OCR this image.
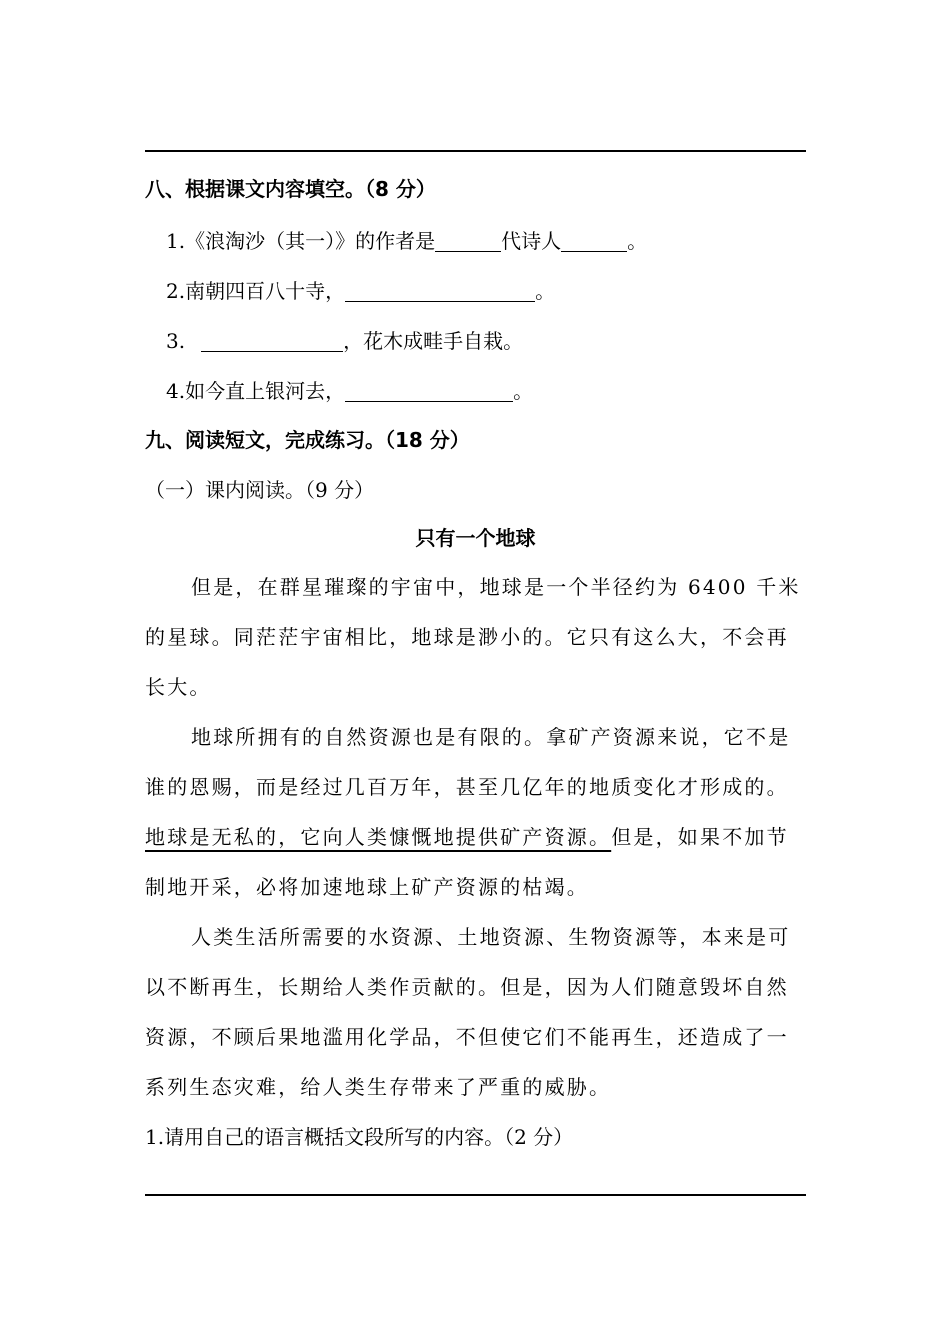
八、根据课文内容填空。（8 分）
1.《浪淘沙（其一）》的作者是	代诗人	。
2.南朝四百八十寺，	。
3.	，花木成畦手自栽。
4.如今直上银河去，	。
九、阅读短文，完成练习。（18 分）
（一）课内阅读。（9 分）
只有一个地球

但是，在群星璀璨的宇宙中，地球是一个半径约为 6400 千米的星球。同茫茫宇宙相比，地球是渺小的。它只有这么大，不会再长大。

地球所拥有的自然资源也是有限的。拿矿产资源来说，它不是谁的恩赐，而是经过几百万年，甚至几亿年的地质变化才形成的。地球是无私的，它向人类慷慨地提供矿产资源。但是，如果不加节制地开采，必将加速地球上矿产资源的枯竭。

人类生活所需要的水资源、土地资源、生物资源等，本来是可以不断再生，长期给人类作贡献的。但是，因为人们随意毁坏自然资源，不顾后果地滥用化学品，不但使它们不能再生，还造成了一系列生态灾难，给人类生存带来了严重的威胁。

1.请用自己的语言概括文段所写的内容。（2 分）
